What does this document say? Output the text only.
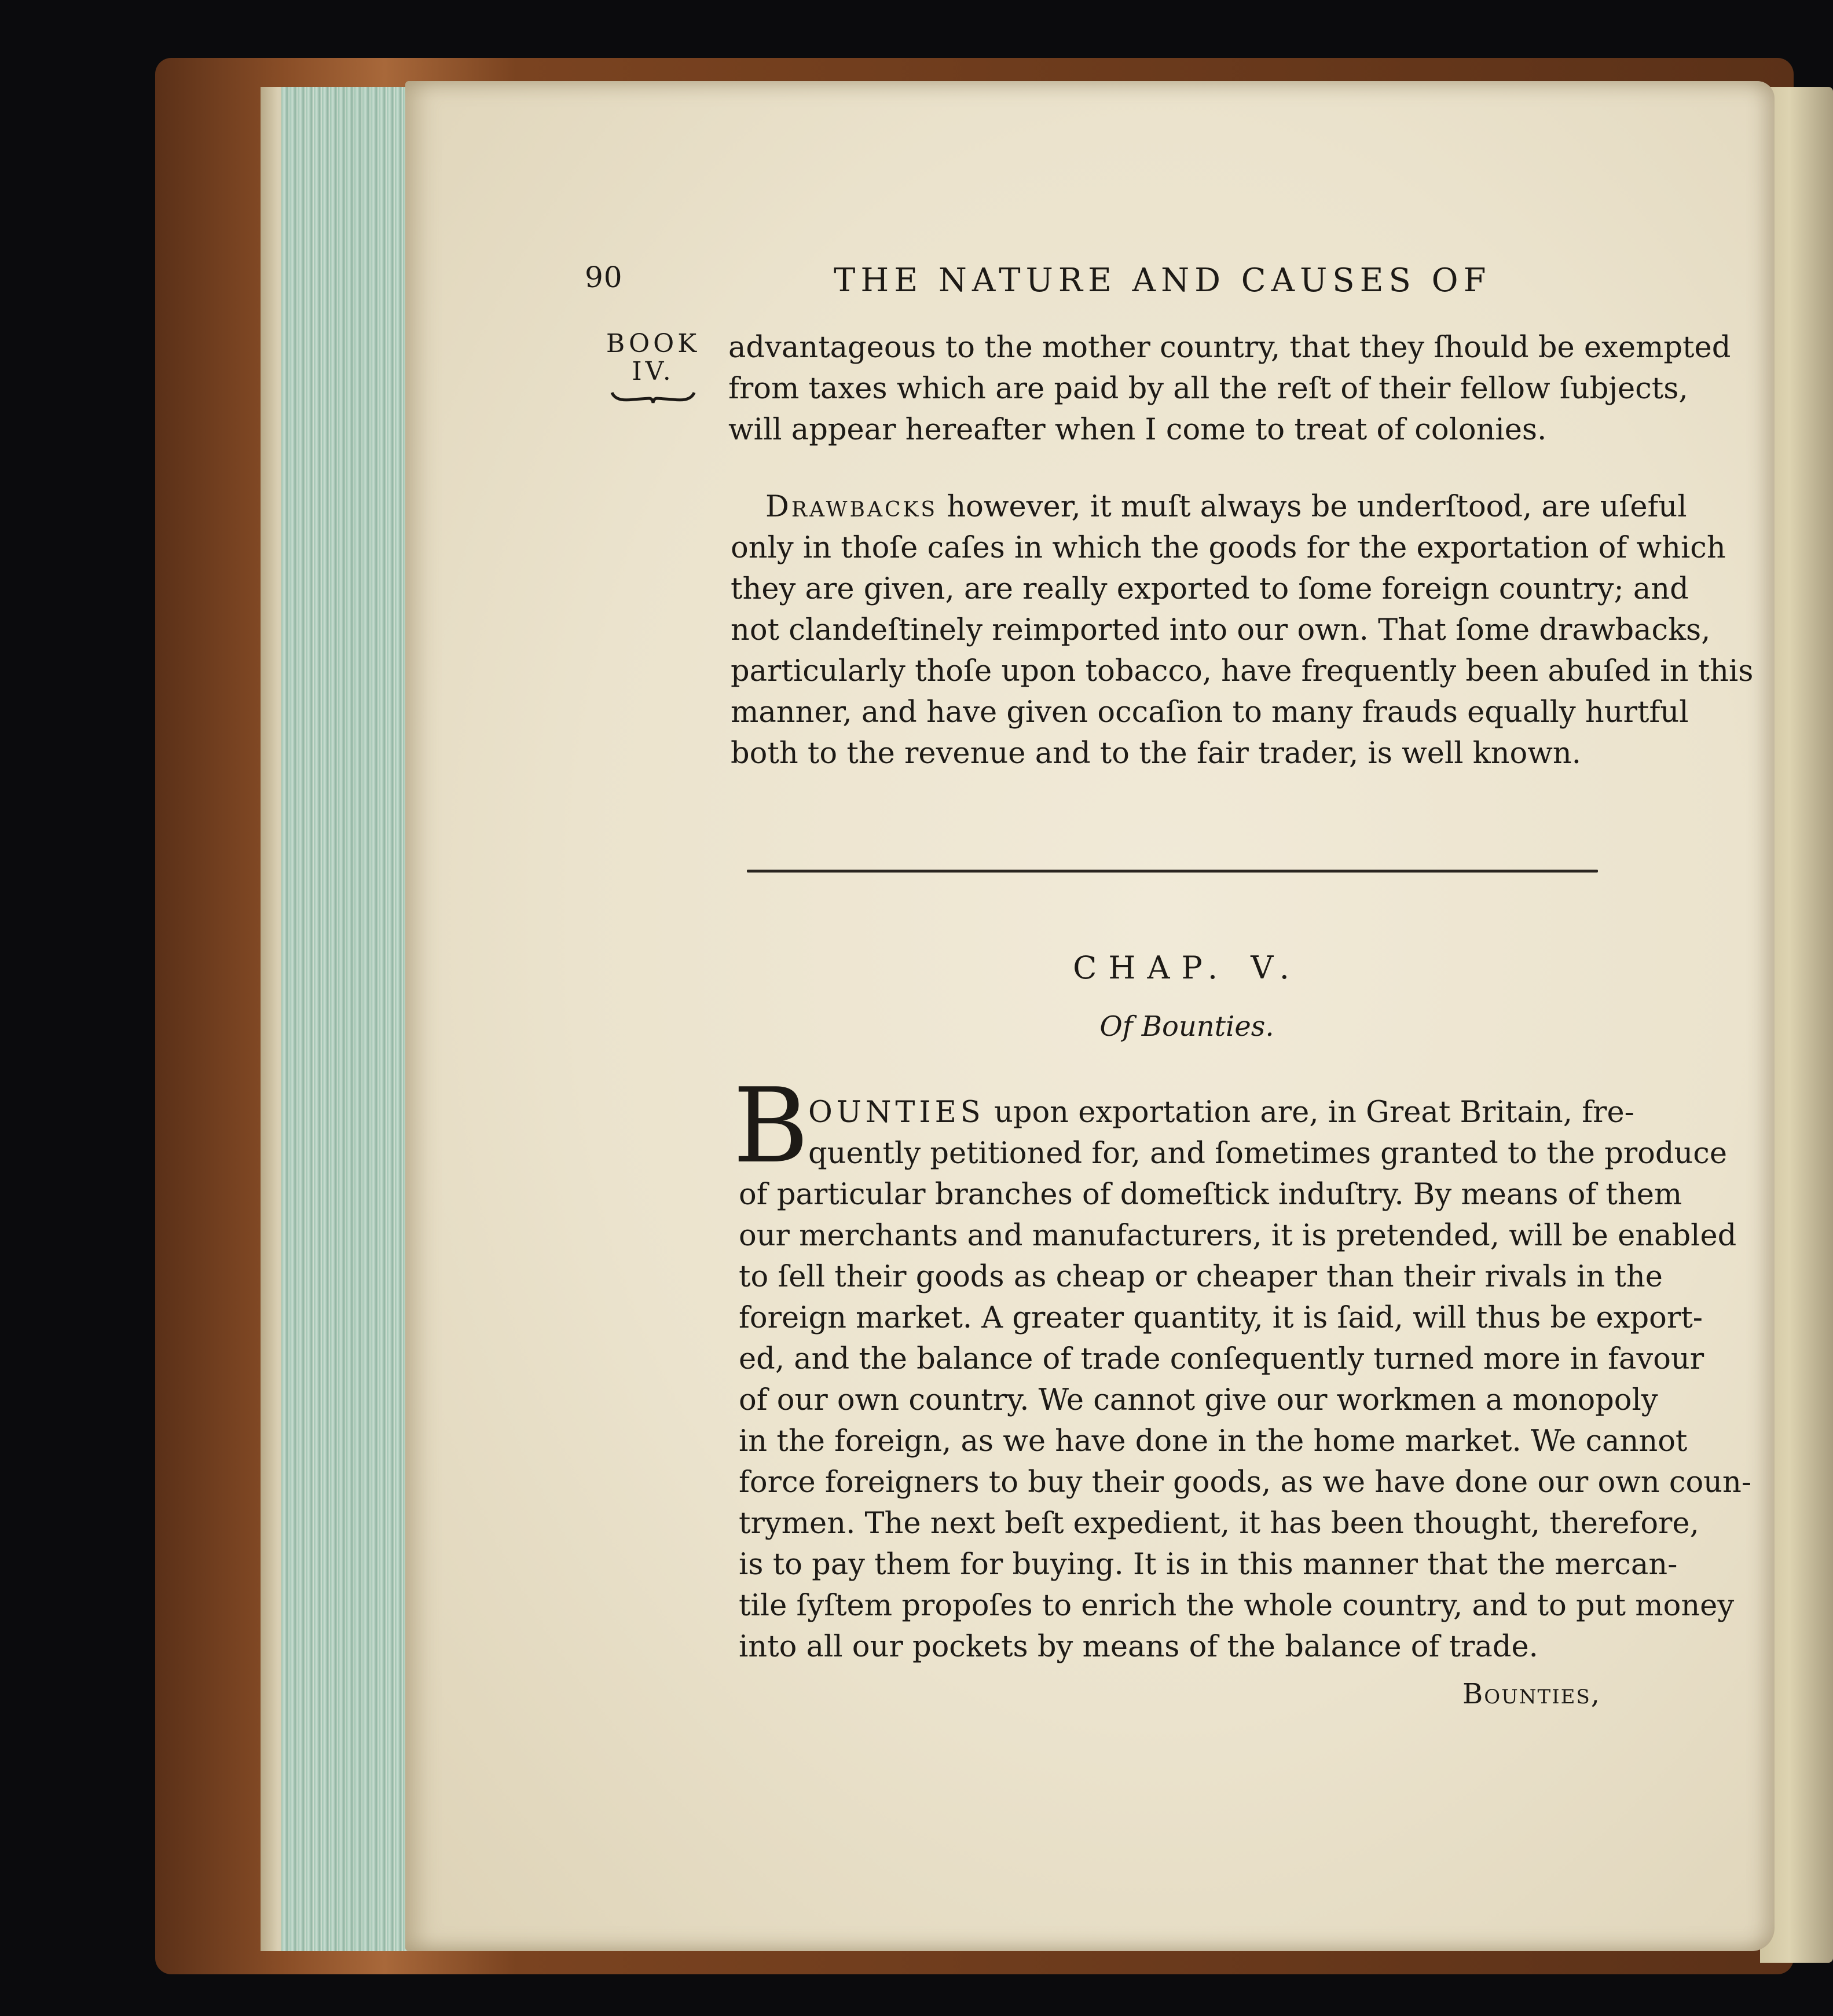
90	THE NATURE AND CAUSES OF
BOOK
IV.
advantageous to the mother country, that they ſhould be exempted
from taxes which are paid by all the reſt of their fellow ſubjects,
will appear hereafter when I come to treat of colonies.
Drawbacks however, it muſt always be underſtood, are uſeful
only in thoſe caſes in which the goods for the exportation of which
they are given, are really exported to ſome foreign country; and
not clandeſtinely reimported into our own. That ſome drawbacks,
particularly thoſe upon tobacco, have frequently been abuſed in this
manner, and have given occaſion to many frauds equally hurtful
both to the revenue and to the fair trader, is well known.
CHAP. V.
Of Bounties.
B OUNTIES upon exportation are, in Great Britain, fre-
quently petitioned for, and ſometimes granted to the produce
of particular branches of domeſtick induſtry. By means of them
our merchants and manufacturers, it is pretended, will be enabled
to ſell their goods as cheap or cheaper than their rivals in the
foreign market. A greater quantity, it is ſaid, will thus be export-
ed, and the balance of trade conſequently turned more in favour
of our own country. We cannot give our workmen a monopoly
in the foreign, as we have done in the home market. We cannot
force foreigners to buy their goods, as we have done our own coun-
trymen. The next beſt expedient, it has been thought, therefore,
is to pay them for buying. It is in this manner that the mercan-
tile ſyſtem propoſes to enrich the whole country, and to put money
into all our pockets by means of the balance of trade.
Bounties,
